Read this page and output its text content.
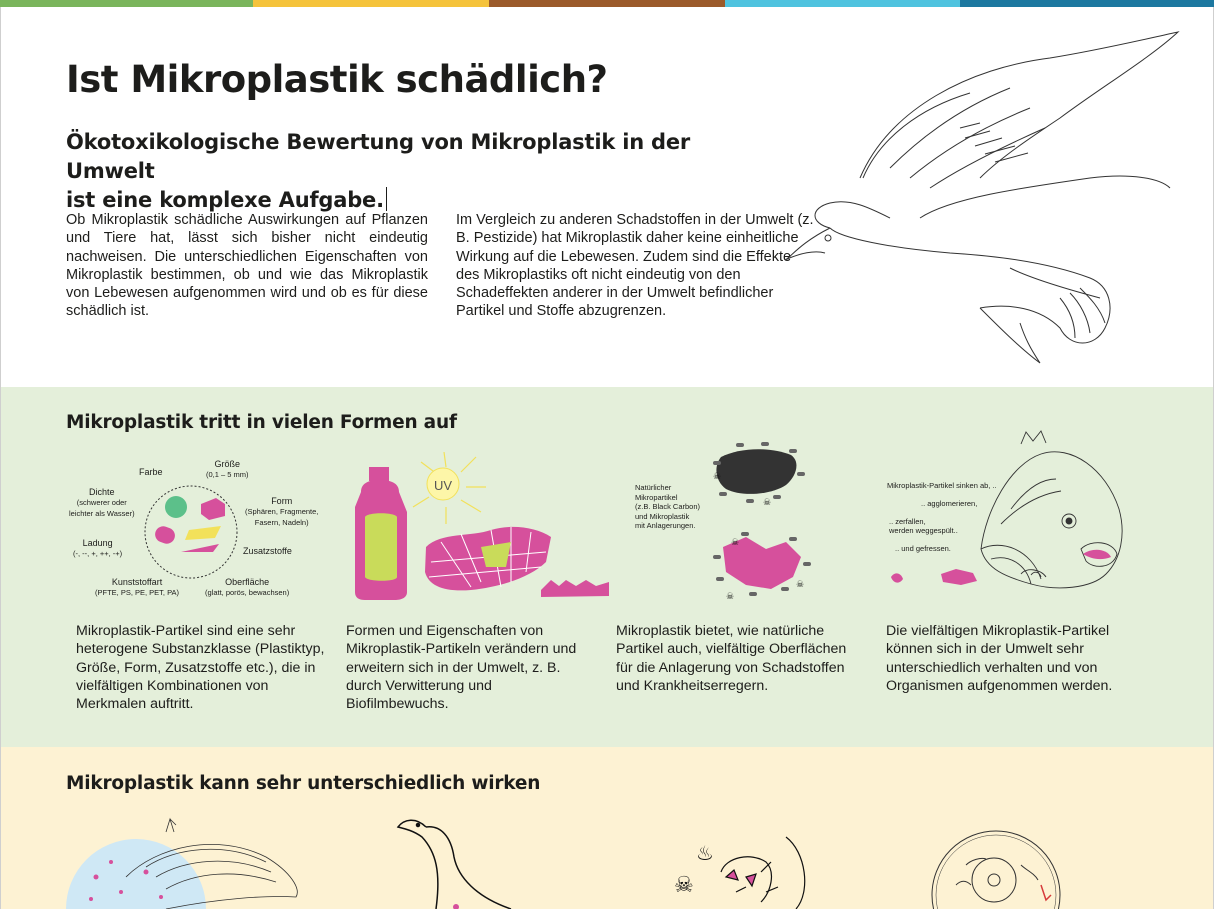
Ist Mikroplastik schädlich?
Ökotoxikologische Bewertung von Mikroplastik in der Umwelt
ist eine komplexe Aufgabe.
Ob Mikroplastik schädliche Auswirkungen auf Pflanzen und Tiere hat, lässt sich bisher nicht eindeutig nachweisen. Die unterschiedlichen Eigenschaften von Mikroplastik bestimmen, ob und wie das Mikroplastik von Lebewesen aufgenommen wird und ob es für diese schädlich ist.
Im Vergleich zu anderen Schadstoffen in der Umwelt (z. B. Pestizide) hat Mikroplastik daher keine einheitliche Wirkung auf die Lebewesen. Zudem sind die Effekte des Mikroplastiks oft nicht eindeutig von den Schadeffekten anderer in der Umwelt befindlicher Partikel und Stoffe abzugrenzen.
Mikroplastik tritt in vielen Formen auf
Farbe
Größe
(0,1 – 5 mm)
Dichte
(schwerer oder
leichter als Wasser)
Form
(Sphären, Fragmente,
Fasern, Nadeln)
Ladung
(-, --, +, ++, -+)	Zusatzstoffe
Kunststoffart
(PFTE, PS, PE, PET, PA)
Oberfläche
(glatt, porös, bewachsen)
UV
☠
☠
☠
☠
☠
Natürlicher
Mikropartikel
(z.B. Black Carbon)
und Mikroplastik
mit Anlagerungen.
Mikroplastik-Partikel sinken ab, ..
.. agglomerieren,
.. zerfallen,
werden weggespült..
.. und gefressen.
Mikroplastik-Partikel sind eine sehr heterogene Substanzklasse (Plastiktyp, Größe, Form, Zusatzstoffe etc.), die in vielfältigen Kombinationen von Merkmalen auftritt.
Formen und Eigenschaften von Mikroplastik-Partikeln verändern und erweitern sich in der Umwelt, z. B. durch Verwitterung und Biofilmbewuchs.
Mikroplastik bietet, wie natürliche Partikel auch, vielfältige Oberflächen für die Anlagerung von Schadstoffen und Krankheitserregern.
Die vielfältigen Mikroplastik-Partikel können sich in der Umwelt sehr unterschiedlich verhalten und von Organismen aufgenommen werden.
Mikroplastik kann sehr unterschiedlich wirken
☠
♨
